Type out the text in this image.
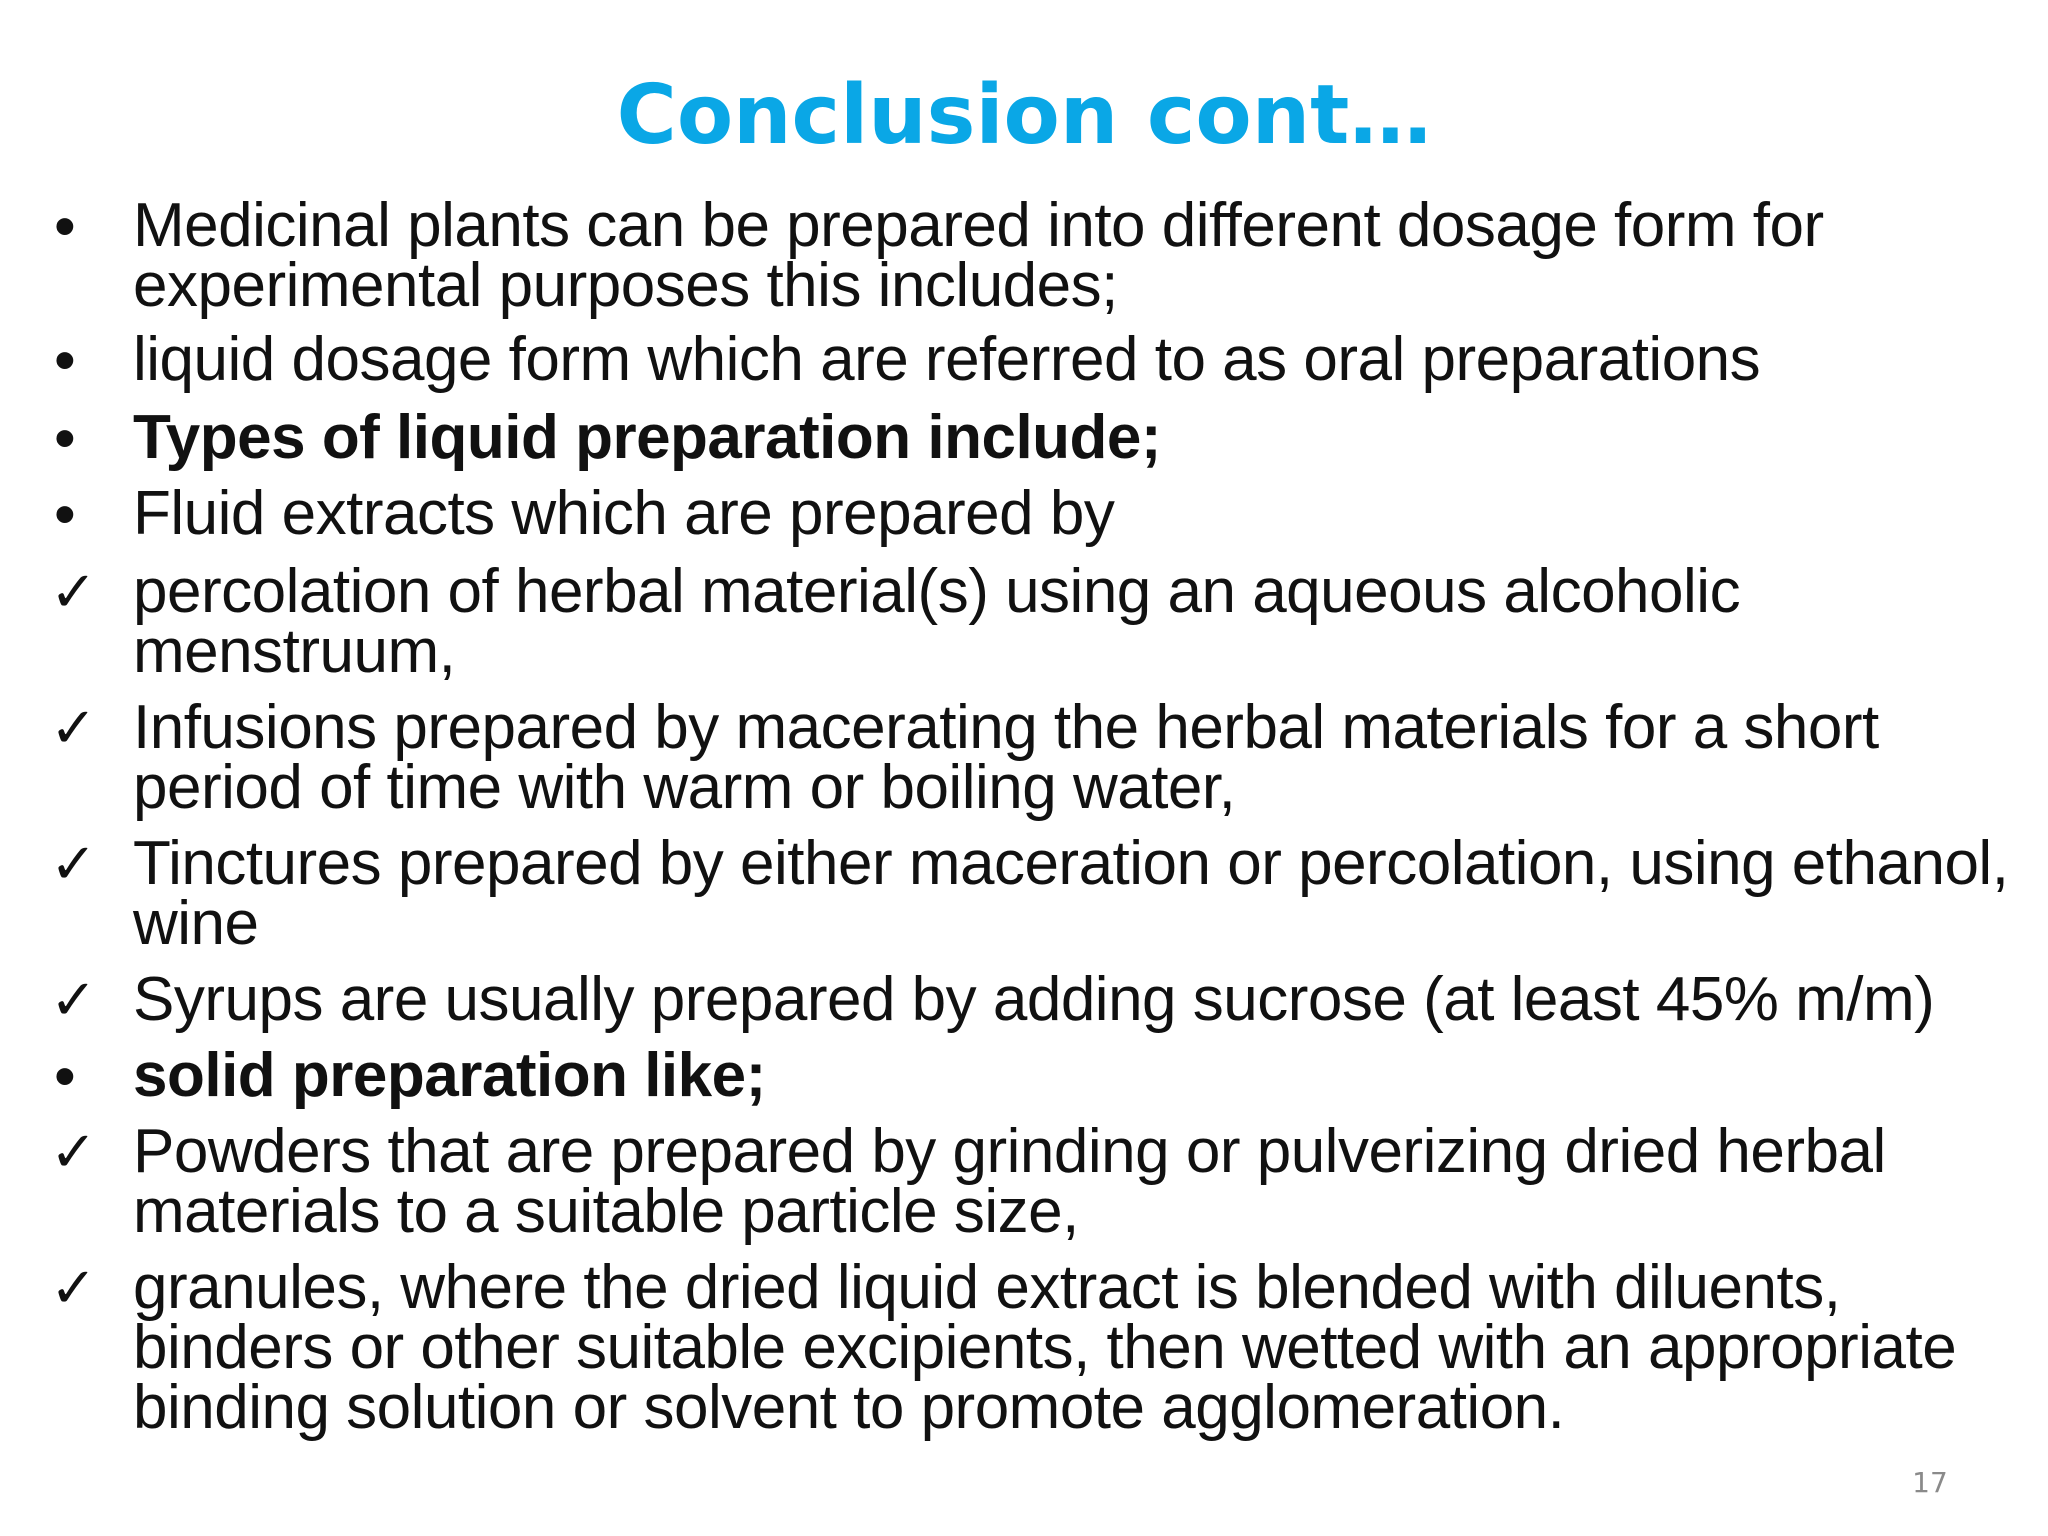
Conclusion cont…
• Medicinal plants can be prepared into different dosage form for experimental purposes this includes;
• liquid dosage form which are referred to as oral preparations
• Types of liquid preparation include;
• Fluid extracts which are prepared by
✓ percolation of herbal material(s) using an aqueous alcoholic menstruum,
✓ Infusions prepared by macerating the herbal materials for a short period of time with warm or boiling water,
✓ Tinctures prepared by either maceration or percolation, using ethanol, wine
✓ Syrups are usually prepared by adding sucrose (at least 45% m/m)
• solid preparation like;
✓ Powders that are prepared by grinding or pulverizing dried herbal materials to a suitable particle size,
✓ granules, where the dried liquid extract is blended with diluents, binders or other suitable excipients, then wetted with an appropriate binding solution or solvent to promote agglomeration.
17
